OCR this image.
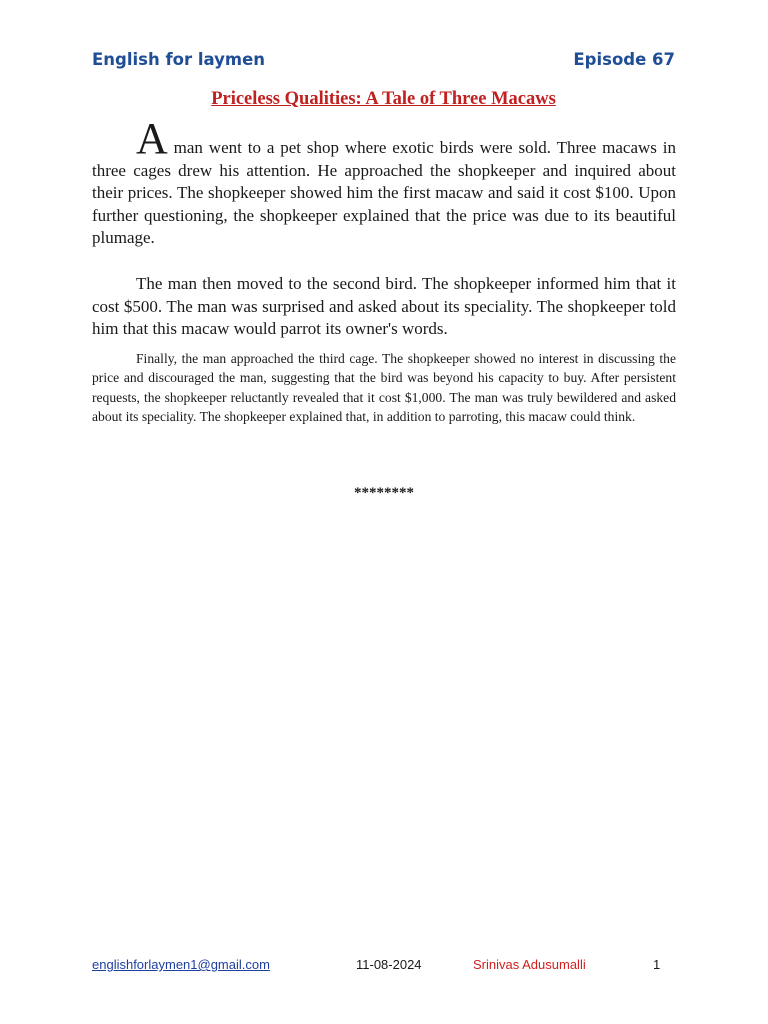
English for laymen	Episode 67
Priceless Qualities: A Tale of Three Macaws
A man went to a pet shop where exotic birds were sold. Three macaws in three cages drew his attention. He approached the shopkeeper and inquired about their prices. The shopkeeper showed him the first macaw and said it cost $100. Upon further questioning, the shopkeeper explained that the price was due to its beautiful plumage.
The man then moved to the second bird. The shopkeeper informed him that it cost $500. The man was surprised and asked about its speciality. The shopkeeper told him that this macaw would parrot its owner's words.
Finally, the man approached the third cage. The shopkeeper showed no interest in discussing the price and discouraged the man, suggesting that the bird was beyond his capacity to buy. After persistent requests, the shopkeeper reluctantly revealed that it cost $1,000. The man was truly bewildered and asked about its speciality. The shopkeeper explained that, in addition to parroting, this macaw could think.
********
englishforlaymen1@gmail.com	11-08-2024	Srinivas Adusumalli	1
